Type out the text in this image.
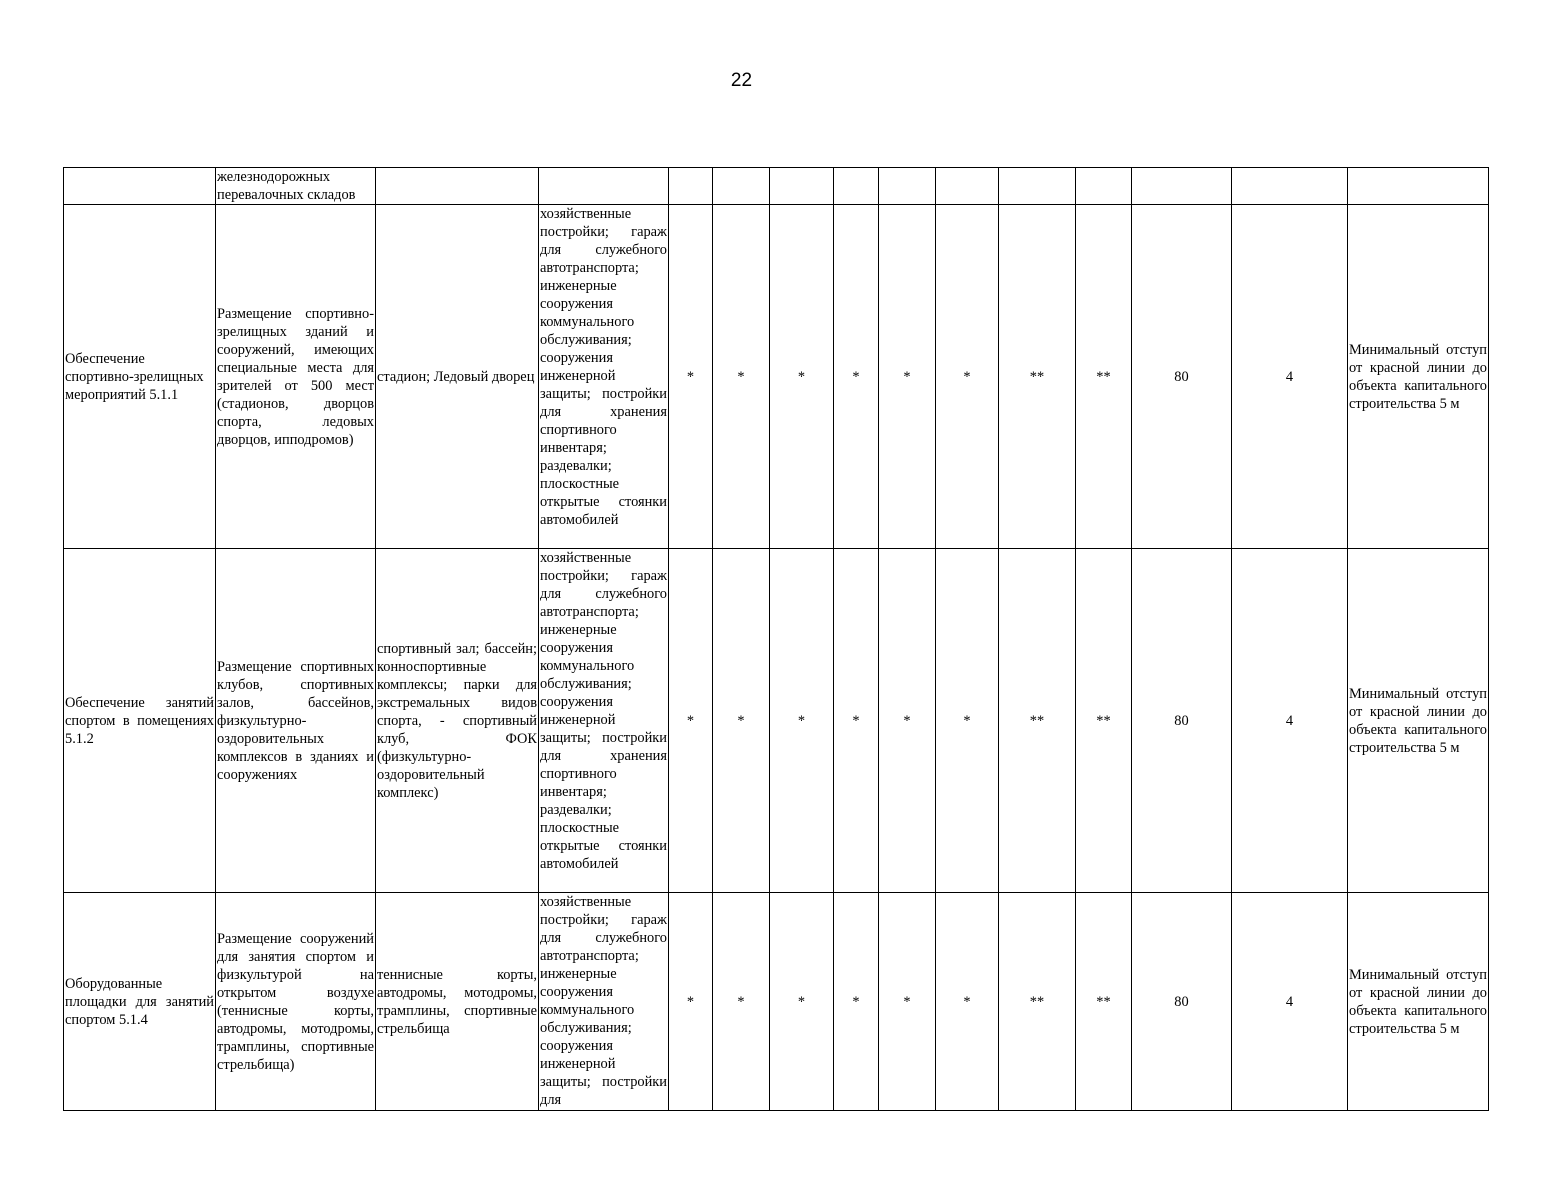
22
	железнодорожных перевалочных складов													
Обеспечение спортивно-зрелищных мероприятий 5.1.1	Размещение спортивно-зрелищных зданий и сооружений, имеющих специальные места для зрителей от 500 мест (стадионов, дворцов спорта, ледовых дворцов, ипподромов)	стадион; Ледовый дворец	хозяйственные постройки; гараж для служебного автотранспорта; инженерные сооружения коммунального обслуживания; сооружения инженерной защиты; постройки для хранения спортивного инвентаря; раздевалки; плоскостные открытые стоянки автомобилей	*	*	*	*	*	*	**	**	80	4	Минимальный отступ от красной линии до объекта капитального строительства 5 м
Обеспечение занятий спортом в помещениях 5.1.2	Размещение спортивных клубов, спортивных залов, бассейнов, физкультурно-оздоровительных комплексов в зданиях и сооружениях	спортивный зал; бассейн; конноспортивные комплексы; парки для экстремальных видов спорта, - спортивный клуб, ФОК (физкультурно-оздоровительный комплекс)	хозяйственные постройки; гараж для служебного автотранспорта; инженерные сооружения коммунального обслуживания; сооружения инженерной защиты; постройки для хранения спортивного инвентаря; раздевалки; плоскостные открытые стоянки автомобилей	*	*	*	*	*	*	**	**	80	4	Минимальный отступ от красной линии до объекта капитального строительства 5 м
Оборудованные площадки для занятий спортом 5.1.4	Размещение сооружений для занятия спортом и физкультурой на открытом воздухе (теннисные корты, автодромы, мотодромы, трамплины, спортивные стрельбища)	теннисные корты, автодромы, мотодромы, трамплины, спортивные стрельбища	хозяйственные постройки; гараж для служебного автотранспорта; инженерные сооружения коммунального обслуживания; сооружения инженерной защиты; постройки для	*	*	*	*	*	*	**	**	80	4	Минимальный отступ от красной линии до объекта капитального строительства 5 м
